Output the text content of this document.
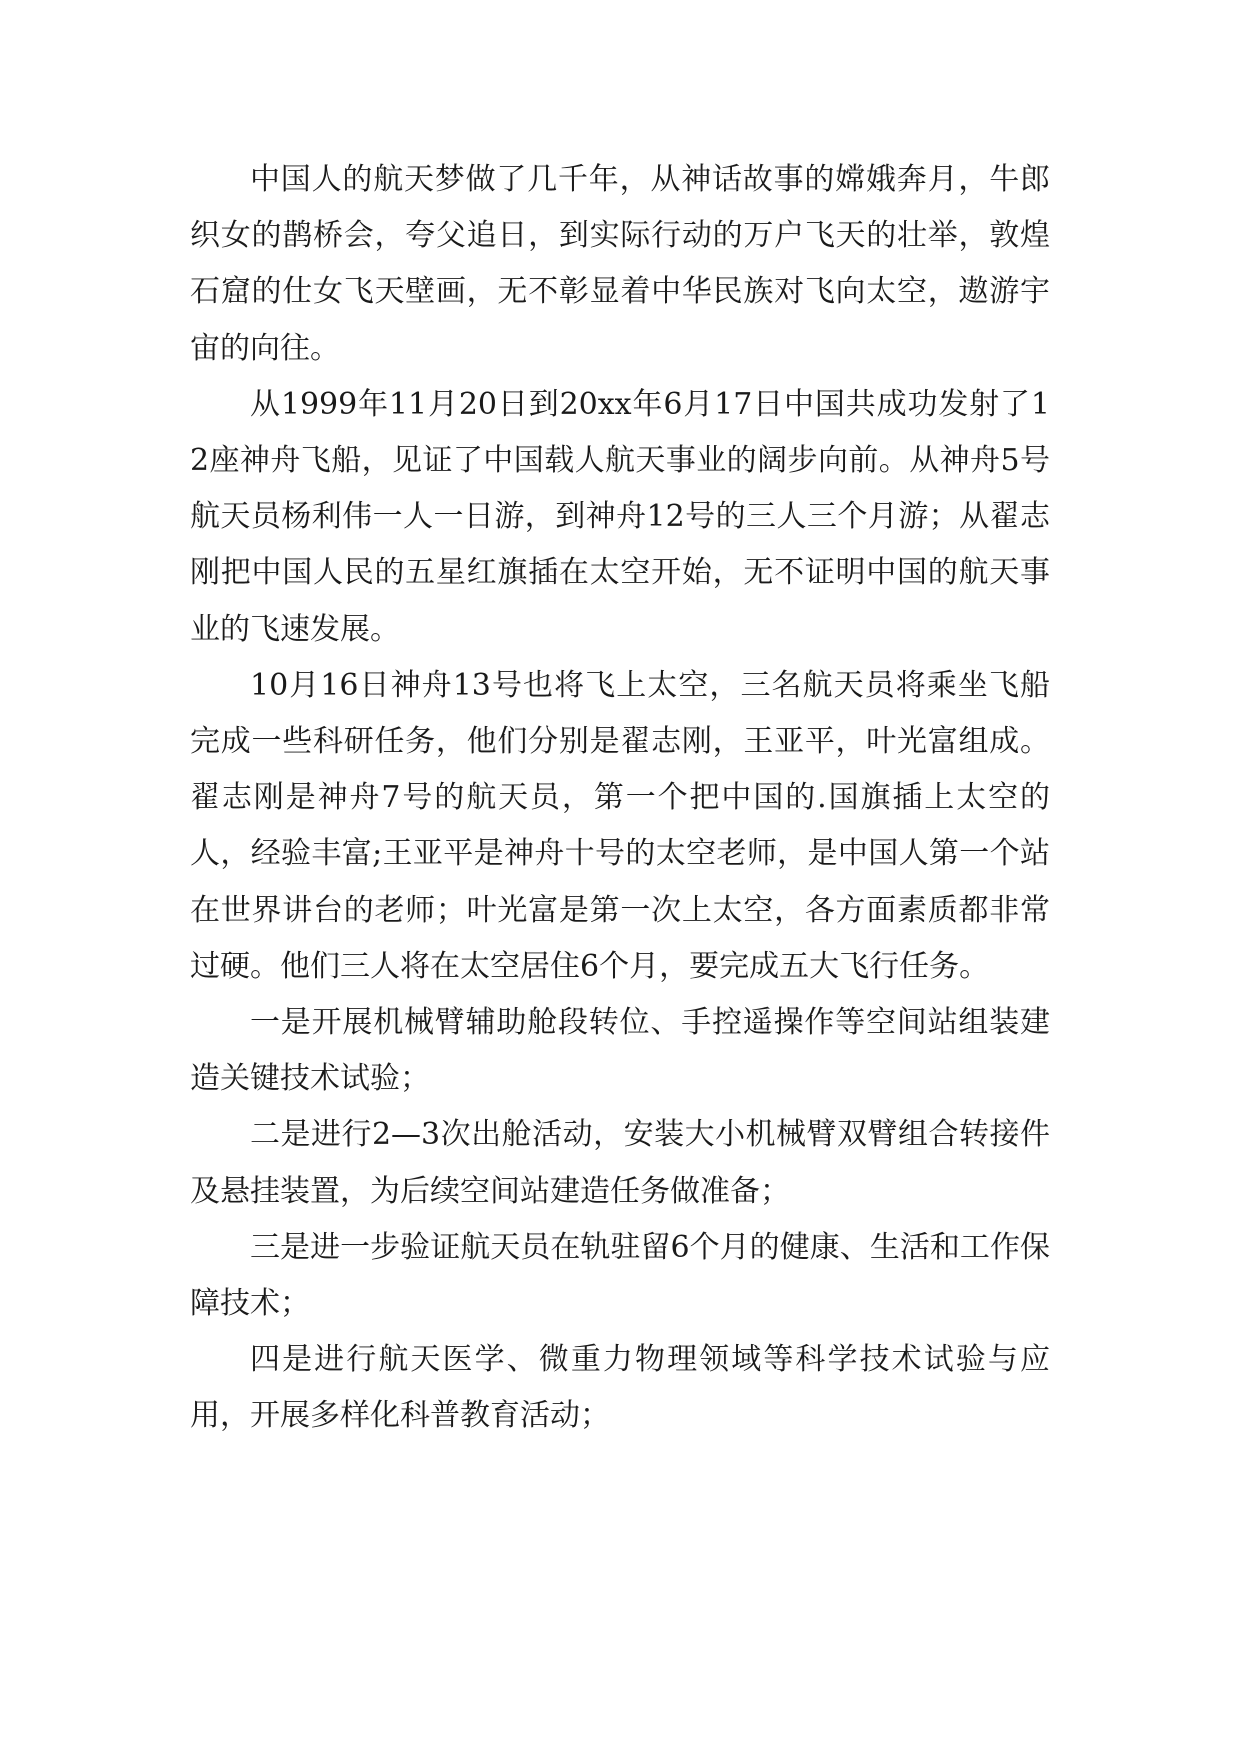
中国人的航天梦做了几千年，从神话故事的嫦娥奔月，牛郎织女的鹊桥会，夸父追日，到实际行动的万户飞天的壮举，敦煌石窟的仕女飞天壁画，无不彰显着中华民族对飞向太空，遨游宇宙的向往。

从1999年11月20日到20xx年6月17日中国共成功发射了12座神舟飞船，见证了中国载人航天事业的阔步向前。从神舟5号航天员杨利伟一人一日游，到神舟12号的三人三个月游；从翟志刚把中国人民的五星红旗插在太空开始，无不证明中国的航天事业的飞速发展。

10月16日神舟13号也将飞上太空，三名航天员将乘坐飞船完成一些科研任务，他们分别是翟志刚，王亚平，叶光富组成。翟志刚是神舟7号的航天员，第一个把中国的.国旗插上太空的人，经验丰富;王亚平是神舟十号的太空老师，是中国人第一个站在世界讲台的老师；叶光富是第一次上太空，各方面素质都非常过硬。他们三人将在太空居住6个月，要完成五大飞行任务。

一是开展机械臂辅助舱段转位、手控遥操作等空间站组装建造关键技术试验；

二是进行2—3次出舱活动，安装大小机械臂双臂组合转接件及悬挂装置，为后续空间站建造任务做准备；

三是进一步验证航天员在轨驻留6个月的健康、生活和工作保障技术；

四是进行航天医学、微重力物理领域等科学技术试验与应用，开展多样化科普教育活动；
